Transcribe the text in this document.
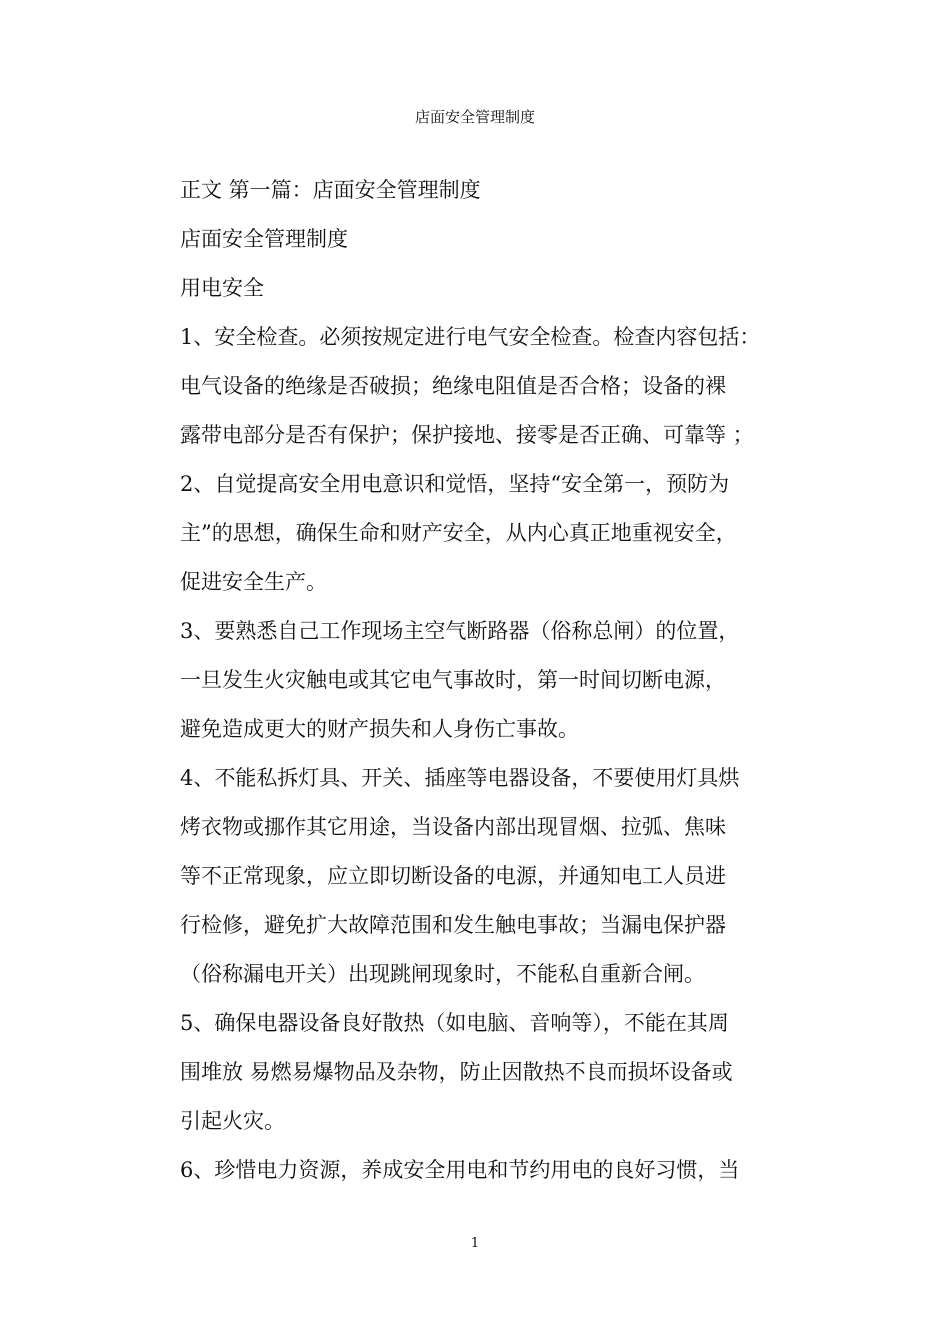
店面安全管理制度
正文 第一篇：店面安全管理制度
店面安全管理制度
用电安全
1、安全检查。必须按规定进行电气安全检查。检查内容包括：
电气设备的绝缘是否破损；绝缘电阻值是否合格；设备的裸
露带电部分是否有保护；保护接地、接零是否正确、可靠等 ；
2、自觉提高安全用电意识和觉悟，坚持“安全第一，预防为
主”的思想，确保生命和财产安全，从内心真正地重视安全，
促进安全生产。
3、要熟悉自己工作现场主空气断路器（俗称总闸）的位置，
一旦发生火灾触电或其它电气事故时，第一时间切断电源，
避免造成更大的财产损失和人身伤亡事故。
4、不能私拆灯具、开关、插座等电器设备，不要使用灯具烘
烤衣物或挪作其它用途，当设备内部出现冒烟、拉弧、焦味
等不正常现象，应立即切断设备的电源，并通知电工人员进
行检修，避免扩大故障范围和发生触电事故；当漏电保护器
（俗称漏电开关）出现跳闸现象时，不能私自重新合闸。
5、确保电器设备良好散热（如电脑、音响等），不能在其周
围堆放 易燃易爆物品及杂物，防止因散热不良而损坏设备或
引起火灾。
6、珍惜电力资源，养成安全用电和节约用电的良好习惯，当
1
